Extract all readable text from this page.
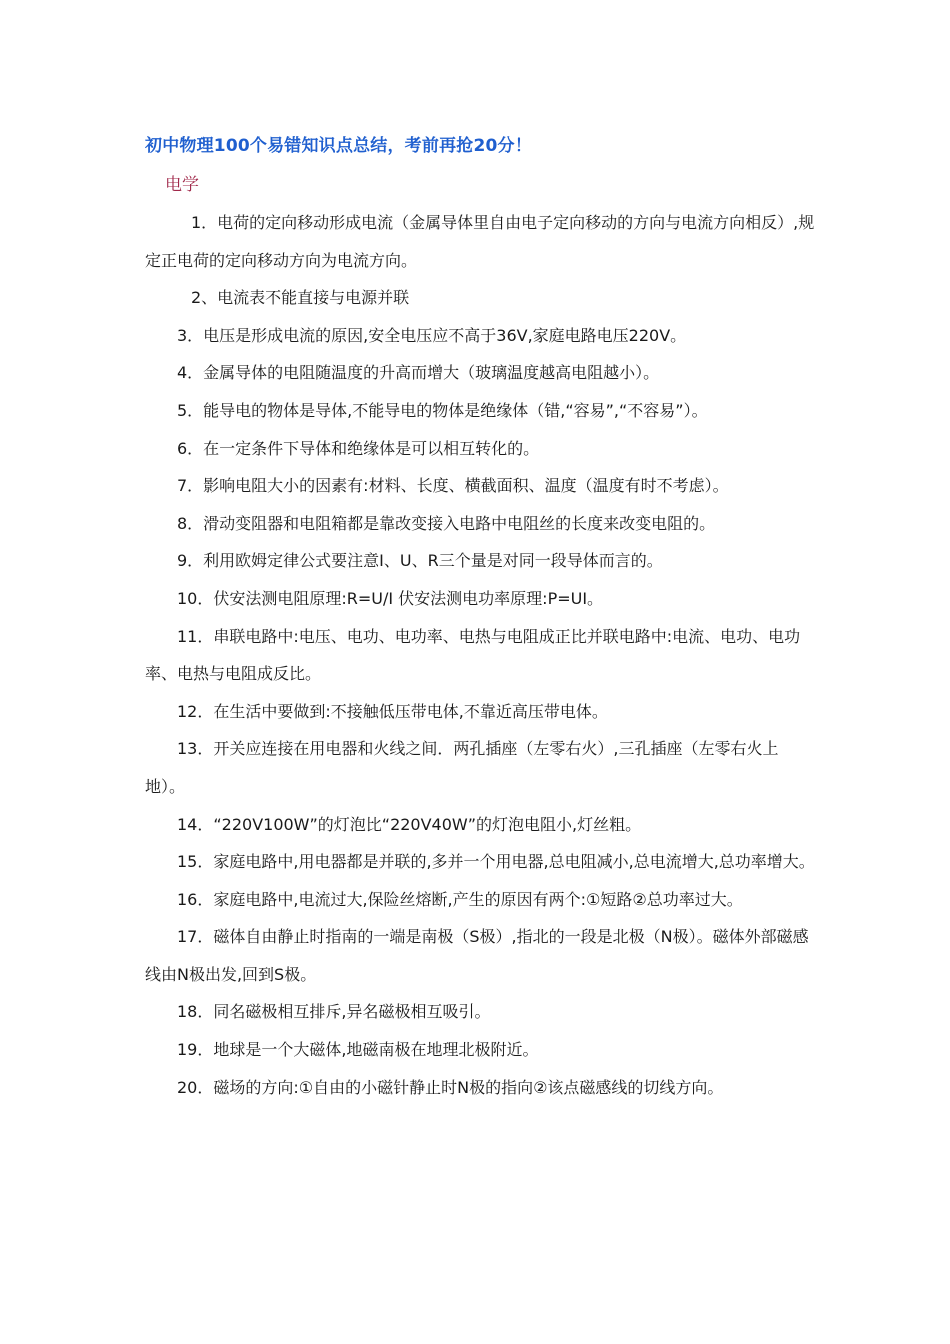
初中物理100个易错知识点总结，考前再抢20分！
电学

1．电荷的定向移动形成电流（金属导体里自由电子定向移动的方向与电流方向相反）,规定正电荷的定向移动方向为电流方向。

2、电流表不能直接与电源并联

3．电压是形成电流的原因,安全电压应不高于36V,家庭电路电压220V。

4．金属导体的电阻随温度的升高而增大（玻璃温度越高电阻越小）。

5．能导电的物体是导体,不能导电的物体是绝缘体（错,“容易”,“不容易”）。

6．在一定条件下导体和绝缘体是可以相互转化的。

7．影响电阻大小的因素有:材料、长度、横截面积、温度（温度有时不考虑）。

8．滑动变阻器和电阻箱都是靠改变接入电路中电阻丝的长度来改变电阻的。

9．利用欧姆定律公式要注意I、U、R三个量是对同一段导体而言的。

10．伏安法测电阻原理:R=U/I 伏安法测电功率原理:P=UI。

11．串联电路中:电压、电功、电功率、电热与电阻成正比并联电路中:电流、电功、电功率、电热与电阻成反比。

12．在生活中要做到:不接触低压带电体,不靠近高压带电体。

13．开关应连接在用电器和火线之间．两孔插座（左零右火）,三孔插座（左零右火上地）。

14．“220V100W”的灯泡比“220V40W”的灯泡电阻小,灯丝粗。

15．家庭电路中,用电器都是并联的,多并一个用电器,总电阻减小,总电流增大,总功率增大。

16．家庭电路中,电流过大,保险丝熔断,产生的原因有两个:①短路②总功率过大。

17．磁体自由静止时指南的一端是南极（S极）,指北的一段是北极（N极）。磁体外部磁感线由N极出发,回到S极。

18．同名磁极相互排斥,异名磁极相互吸引。

19．地球是一个大磁体,地磁南极在地理北极附近。

20．磁场的方向:①自由的小磁针静止时N极的指向②该点磁感线的切线方向。
